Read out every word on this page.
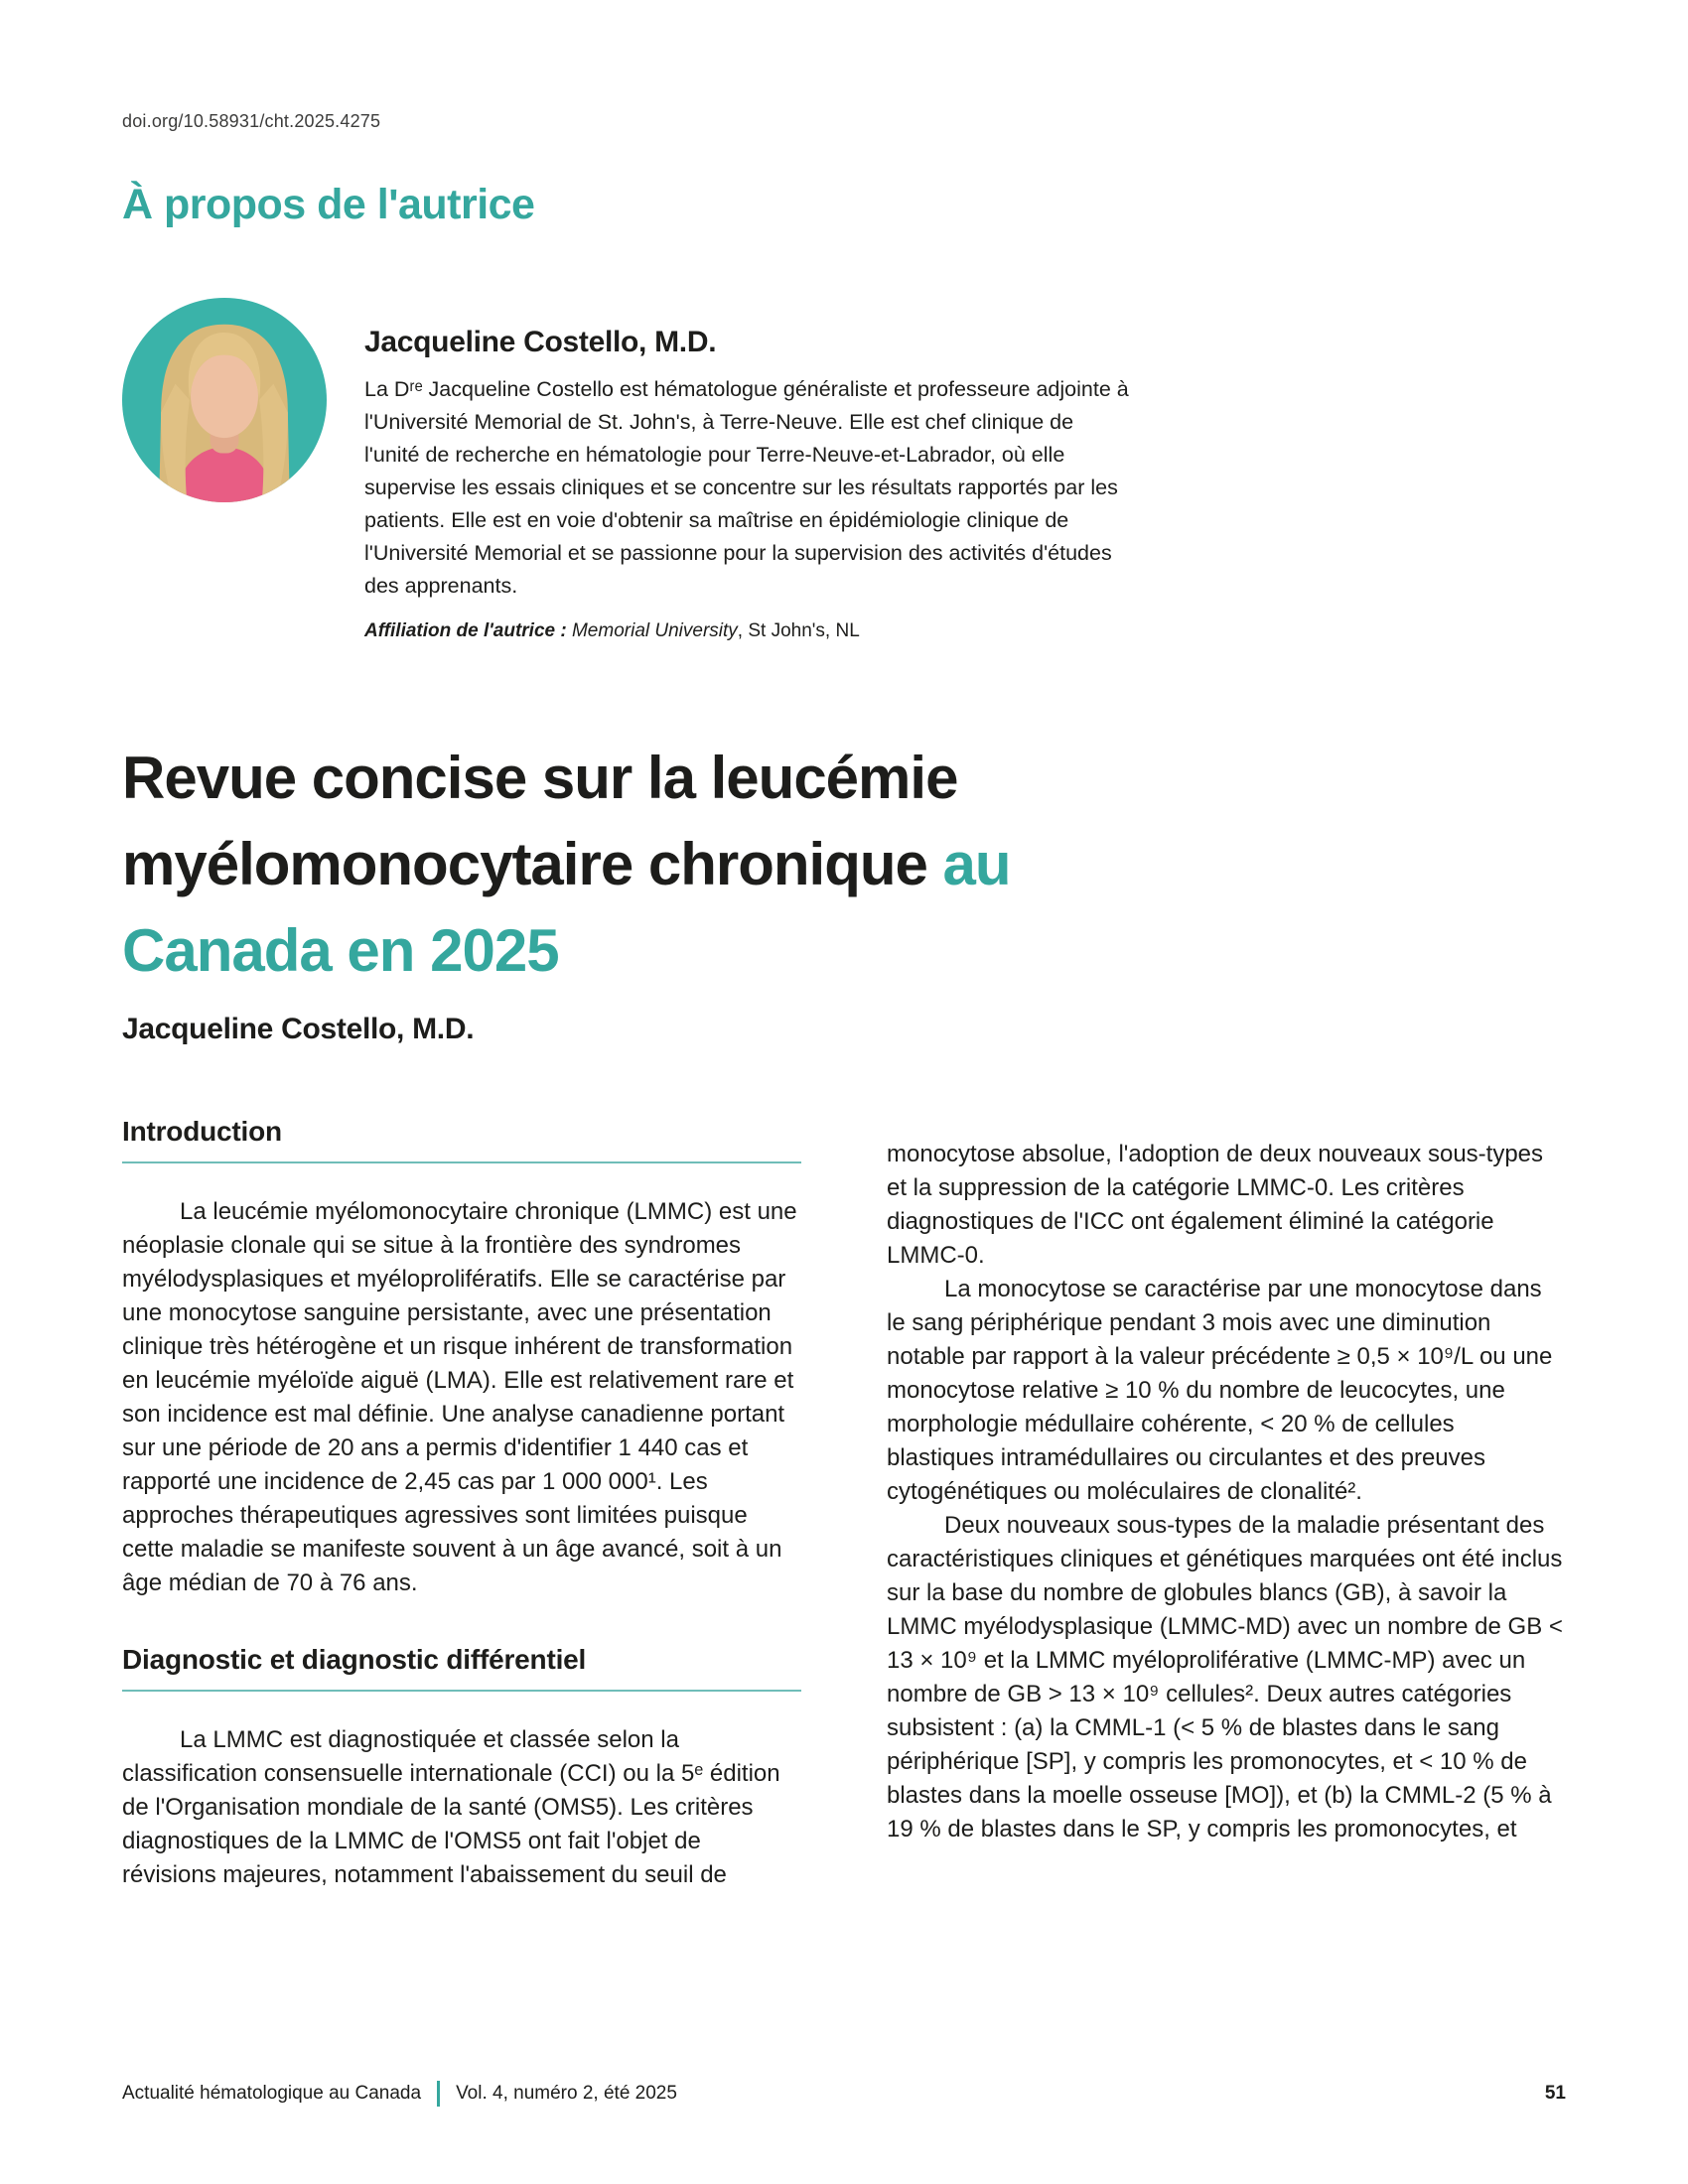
doi.org/10.58931/cht.2025.4275
À propos de l'autrice
Jacqueline Costello, M.D.
La Dʳᵉ Jacqueline Costello est hématologue généraliste et professeure adjointe à l'Université Memorial de St. John's, à Terre-Neuve. Elle est chef clinique de l'unité de recherche en hématologie pour Terre-Neuve-et-Labrador, où elle supervise les essais cliniques et se concentre sur les résultats rapportés par les patients. Elle est en voie d'obtenir sa maîtrise en épidémiologie clinique de l'Université Memorial et se passionne pour la supervision des activités d'études des apprenants.
Affiliation de l'autrice : Memorial University, St John's, NL
Revue concise sur la leucémie myélomonocytaire chronique au Canada en 2025
Jacqueline Costello, M.D.
Introduction

La leucémie myélomonocytaire chronique (LMMC) est une néoplasie clonale qui se situe à la frontière des syndromes myélodysplasiques et myéloprolifératifs. Elle se caractérise par une monocytose sanguine persistante, avec une présentation clinique très hétérogène et un risque inhérent de transformation en leucémie myéloïde aiguë (LMA). Elle est relativement rare et son incidence est mal définie. Une analyse canadienne portant sur une période de 20 ans a permis d'identifier 1 440 cas et rapporté une incidence de 2,45 cas par 1 000 000¹. Les approches thérapeutiques agressives sont limitées puisque cette maladie se manifeste souvent à un âge avancé, soit à un âge médian de 70 à 76 ans.

Diagnostic et diagnostic différentiel

La LMMC est diagnostiquée et classée selon la classification consensuelle internationale (CCI) ou la 5ᵉ édition de l'Organisation mondiale de la santé (OMS5). Les critères diagnostiques de la LMMC de l'OMS5 ont fait l'objet de révisions majeures, notamment l'abaissement du seuil de

monocytose absolue, l'adoption de deux nouveaux sous-types et la suppression de la catégorie LMMC-0. Les critères diagnostiques de l'ICC ont également éliminé la catégorie LMMC-0.

La monocytose se caractérise par une monocytose dans le sang périphérique pendant 3 mois avec une diminution notable par rapport à la valeur précédente ≥ 0,5 × 10⁹/L ou une monocytose relative ≥ 10 % du nombre de leucocytes, une morphologie médullaire cohérente, < 20 % de cellules blastiques intramédullaires ou circulantes et des preuves cytogénétiques ou moléculaires de clonalité².

Deux nouveaux sous-types de la maladie présentant des caractéristiques cliniques et génétiques marquées ont été inclus sur la base du nombre de globules blancs (GB), à savoir la LMMC myélodysplasique (LMMC-MD) avec un nombre de GB < 13 × 10⁹ et la LMMC myéloproliférative (LMMC-MP) avec un nombre de GB > 13 × 10⁹ cellules². Deux autres catégories subsistent : (a) la CMML-1 (< 5 % de blastes dans le sang périphérique [SP], y compris les promonocytes, et < 10 % de blastes dans la moelle osseuse [MO]), et (b) la CMML-2 (5 % à 19 % de blastes dans le SP, y compris les promonocytes, et

Actualité hématologique au Canada Vol. 4, numéro 2, été 2025	51
